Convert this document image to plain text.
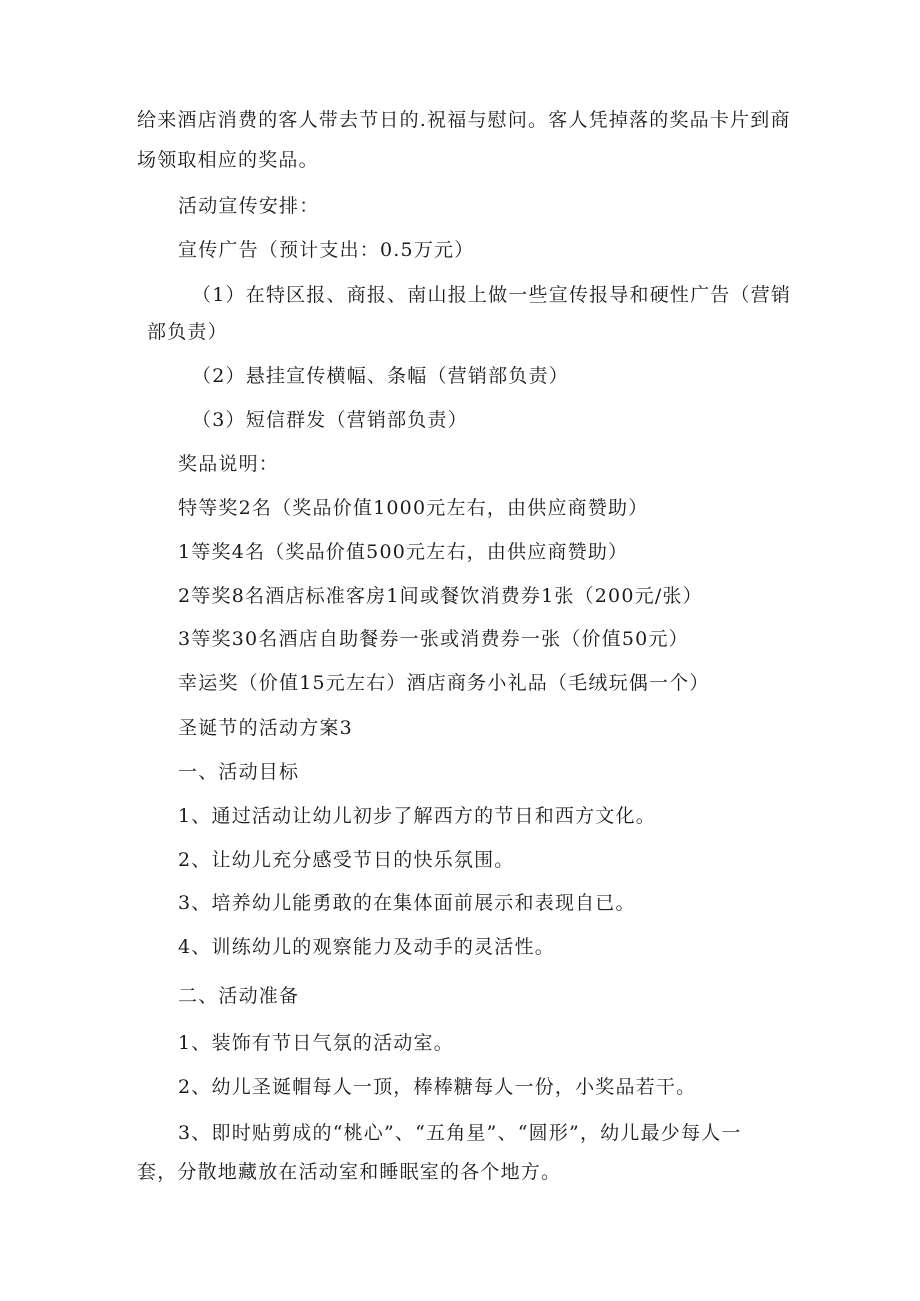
给来酒店消费的客人带去节日的.祝福与慰问。客人凭掉落的奖品卡片到商
场领取相应的奖品。
活动宣传安排：
宣传广告（预计支出：0.5万元）
（1）在特区报、商报、南山报上做一些宣传报导和硬性广告（营销
部负责）
（2）悬挂宣传横幅、条幅（营销部负责）
（3）短信群发（营销部负责）
奖品说明：
特等奖2名（奖品价值1000元左右，由供应商赞助）
1等奖4名（奖品价值500元左右，由供应商赞助）
2等奖8名酒店标准客房1间或餐饮消费券1张（200元/张）
3等奖30名酒店自助餐券一张或消费券一张（价值50元）
幸运奖（价值15元左右）酒店商务小礼品（毛绒玩偶一个）
圣诞节的活动方案3
一、活动目标
1、通过活动让幼儿初步了解西方的节日和西方文化。
2、让幼儿充分感受节日的快乐氛围。
3、培养幼儿能勇敢的在集体面前展示和表现自已。
4、训练幼儿的观察能力及动手的灵活性。
二、活动准备
1、装饰有节日气氛的活动室。
2、幼儿圣诞帽每人一顶，棒棒糖每人一份，小奖品若干。
3、即时贴剪成的“桃心”、“五角星”、“圆形”，幼儿最少每人一
套，分散地藏放在活动室和睡眠室的各个地方。
